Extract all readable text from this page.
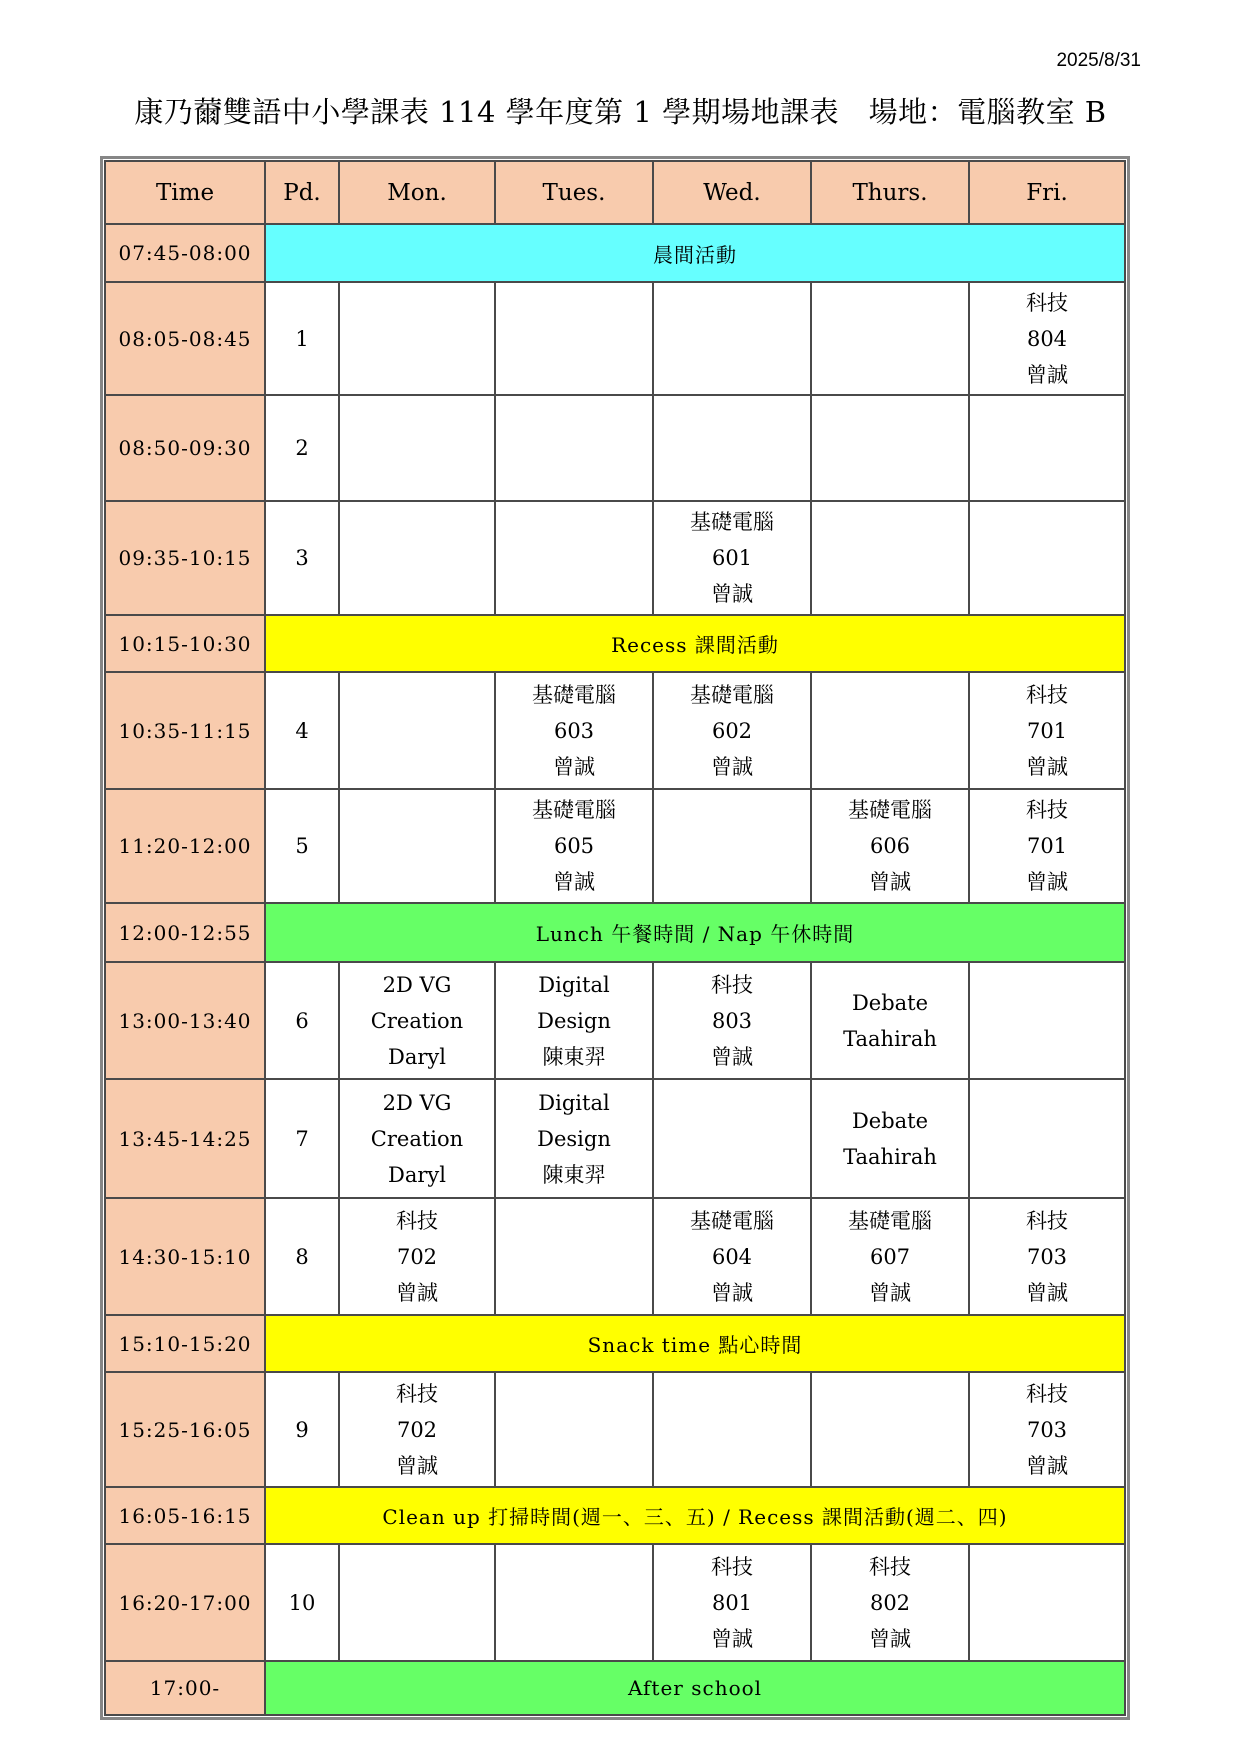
2025/8/31
康乃薾雙語中小學課表 114 學年度第 1 學期場地課表　場地：電腦教室 B
Time	Pd.	Mon.	Tues.	Wed.	Thurs.	Fri.
07:45-08:00	晨間活動					
08:05-08:45	1					科技
804
曾誠

08:50-09:30	2					
09:35-10:15	3			基礎電腦
601
曾誠		

10:15-10:30	Recess 課間活動					
10:35-11:15	4		基礎電腦
603
曾誠	基礎電腦
602
曾誠		科技
701
曾誠

11:20-12:00	5		基礎電腦
605
曾誠		基礎電腦
606
曾誠	科技
701
曾誠

12:00-12:55	Lunch 午餐時間 / Nap 午休時間					
13:00-13:40	6	2D VG
Creation
Daryl	Digital
Design
陳東羿	科技
803
曾誠	Debate
Taahirah	

13:45-14:25	7	2D VG
Creation
Daryl	Digital
Design
陳東羿		Debate
Taahirah	

14:30-15:10	8	科技
702
曾誠		基礎電腦
604
曾誠	基礎電腦
607
曾誠	科技
703
曾誠

15:10-15:20	Snack time 點心時間					
15:25-16:05	9	科技
702
曾誠				科技
703
曾誠

16:05-16:15	Clean up 打掃時間(週一、三、五) / Recess 課間活動(週二、四)					
16:20-17:00	10			科技
801
曾誠	科技
802
曾誠	

17:00-	After school					
